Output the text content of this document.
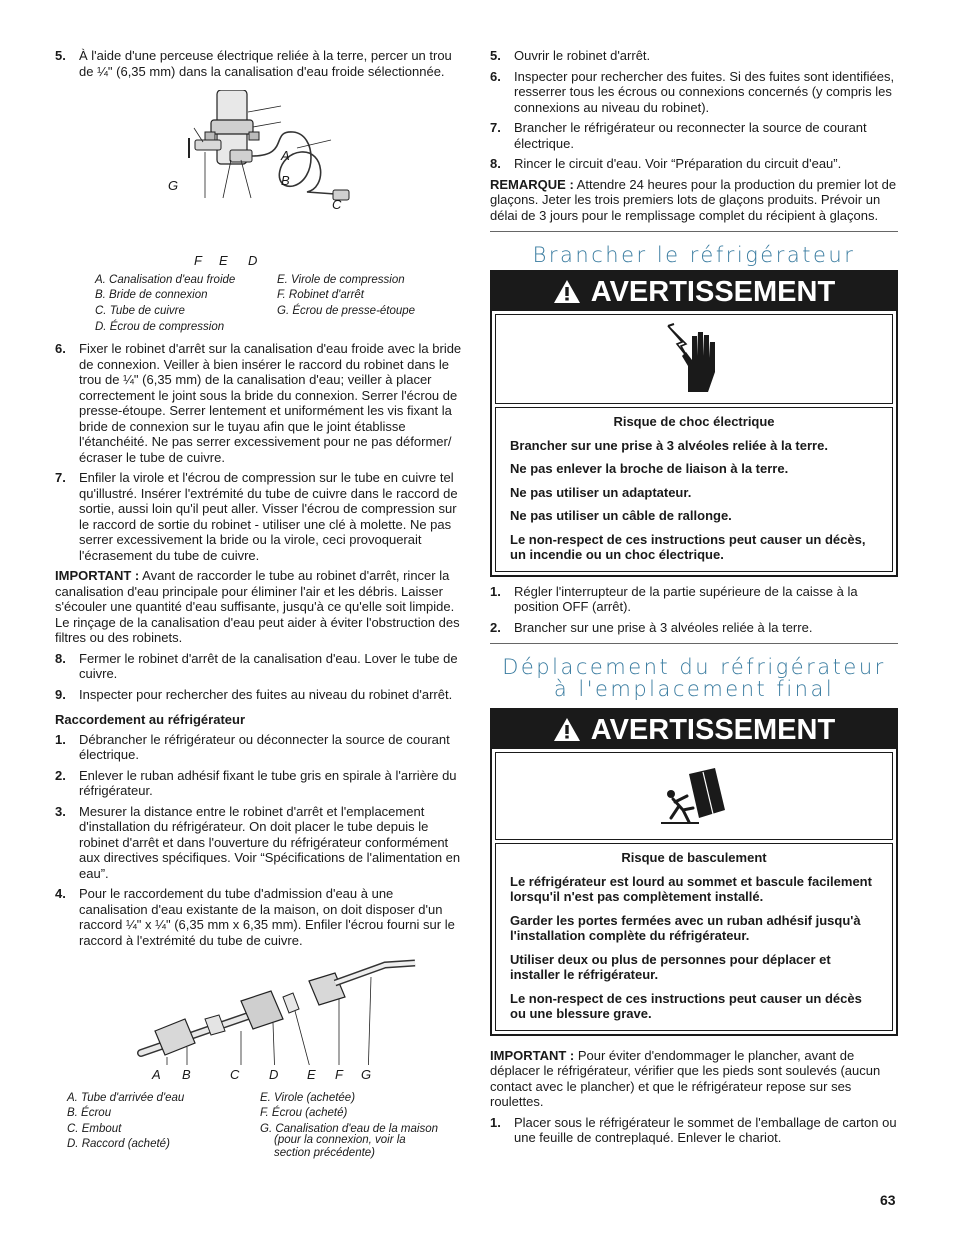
5. À l'aide d'une perceuse électrique reliée à la terre, percer un trou de ¼" (6,35 mm) dans la canalisation d'eau froide sélectionnée.
A
B
C
D
E
F
G
A. Canalisation d'eau froide
B. Bride de connexion
C. Tube de cuivre
D. Écrou de compression
E. Virole de compression
F. Robinet d'arrêt
G. Écrou de presse-étoupe
6. Fixer le robinet d'arrêt sur la canalisation d'eau froide avec la bride de connexion. Veiller à bien insérer le raccord du robinet dans le trou de ¼" (6,35 mm) de la canalisation d'eau; veiller à placer correctement le joint sous la bride du connexion. Serrer l'écrou de presse-étoupe. Serrer lentement et uniformément les vis fixant la bride de connexion sur le tuyau afin que le joint établisse l'étanchéité. Ne pas serrer excessivement pour ne pas déformer/écraser le tube de cuivre.
7. Enfiler la virole et l'écrou de compression sur le tube en cuivre tel qu'illustré. Insérer l'extrémité du tube de cuivre dans le raccord de sortie, aussi loin qu'il peut aller. Visser l'écrou de compression sur le raccord de sortie du robinet - utiliser une clé à molette. Ne pas serrer excessivement la bride ou la virole, ceci provoquerait l'écrasement du tube de cuivre.
IMPORTANT : Avant de raccorder le tube au robinet d'arrêt, rincer la canalisation d'eau principale pour éliminer l'air et les débris. Laisser s'écouler une quantité d'eau suffisante, jusqu'à ce qu'elle soit limpide. Le rinçage de la canalisation d'eau peut aider à éviter l'obstruction des filtres ou des robinets.
8. Fermer le robinet d'arrêt de la canalisation d'eau. Lover le tube de cuivre.
9. Inspecter pour rechercher des fuites au niveau du robinet d'arrêt.
Raccordement au réfrigérateur
1. Débrancher le réfrigérateur ou déconnecter la source de courant électrique.
2. Enlever le ruban adhésif fixant le tube gris en spirale à l'arrière du réfrigérateur.
3. Mesurer la distance entre le robinet d'arrêt et l'emplacement d'installation du réfrigérateur. On doit placer le tube depuis le robinet d'arrêt et dans l'ouverture du réfrigérateur conformément aux directives spécifiques. Voir “Spécifications de l'alimentation en eau”.
4. Pour le raccordement du tube d'admission d'eau à une canalisation d'eau existante de la maison, on doit disposer d'un raccord ¼" x ¼" (6,35 mm x 6,35 mm). Enfiler l'écrou fourni sur le raccord à l'extrémité du tube de cuivre.
A B	C D E F G
A. Tube d'arrivée d'eau
B. Écrou
C. Embout
D. Raccord (acheté)
E. Virole (achetée)
F. Écrou (acheté)
G. Canalisation d'eau de la maison
(pour la connexion, voir la
section précédente)
5. Ouvrir le robinet d'arrêt.
6. Inspecter pour rechercher des fuites. Si des fuites sont identifiées, resserrer tous les écrous ou connexions concernés (y compris les connexions au niveau du robinet).
7. Brancher le réfrigérateur ou reconnecter la source de courant électrique.
8. Rincer le circuit d'eau. Voir “Préparation du circuit d'eau”.
REMARQUE : Attendre 24 heures pour la production du premier lot de glaçons. Jeter les trois premiers lots de glaçons produits. Prévoir un délai de 3 jours pour le remplissage complet du récipient à glaçons.
Brancher le réfrigérateur
AVERTISSEMENT
Risque de choc électrique

Brancher sur une prise à 3 alvéoles reliée à la terre.

Ne pas enlever la broche de liaison à la terre.

Ne pas utiliser un adaptateur.

Ne pas utiliser un câble de rallonge.

Le non-respect de ces instructions peut causer un décès, un incendie ou un choc électrique.

1. Régler l'interrupteur de la partie supérieure de la caisse à la position OFF (arrêt).
2. Brancher sur une prise à 3 alvéoles reliée à la terre.
Déplacement du réfrigérateur à l'emplacement final
AVERTISSEMENT
Risque de basculement

Le réfrigérateur est lourd au sommet et bascule facilement lorsqu'il n'est pas complètement installé.

Garder les portes fermées avec un ruban adhésif jusqu'à l'installation complète du réfrigérateur.

Utiliser deux ou plus de personnes pour déplacer et installer le réfrigérateur.

Le non-respect de ces instructions peut causer un décès ou une blessure grave.

IMPORTANT : Pour éviter d'endommager le plancher, avant de déplacer le réfrigérateur, vérifier que les pieds sont soulevés (aucun contact avec le plancher) et que le réfrigérateur repose sur ses roulettes.
1. Placer sous le réfrigérateur le sommet de l'emballage de carton ou une feuille de contreplaqué. Enlever le chariot.
63
